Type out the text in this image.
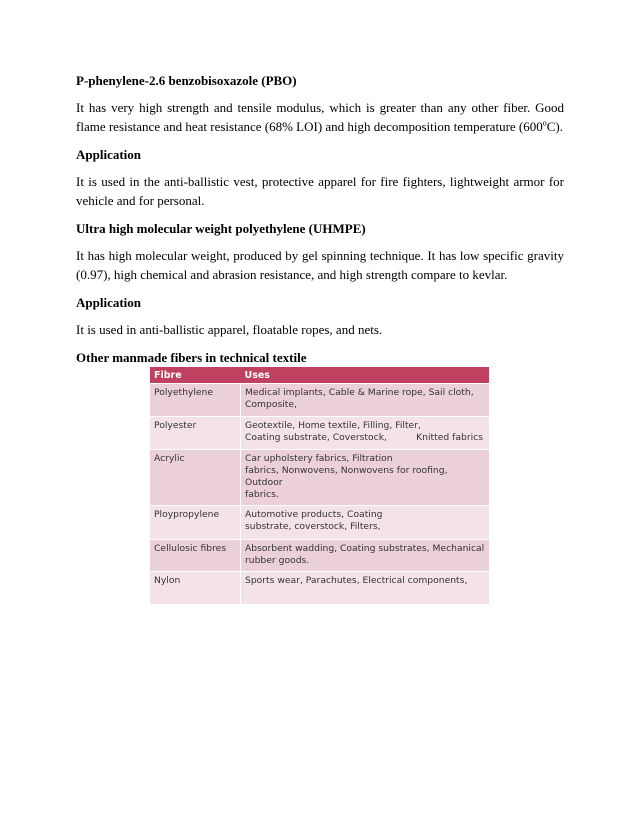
P-phenylene-2.6 benzobisoxazole (PBO)

It has very high strength and tensile modulus, which is greater than any other fiber. Good flame resistance and heat resistance (68% LOI) and high decomposition temperature (600$^o$C).

Application

It is used in the anti-ballistic vest, protective apparel for fire fighters, lightweight armor for vehicle and for personal.

Ultra high molecular weight polyethylene (UHMPE)

It has high molecular weight, produced by gel spinning technique. It has low specific gravity (0.97), high chemical and abrasion resistance, and high strength compare to kevlar.

Application

It is used in anti-ballistic apparel, floatable ropes, and nets.

Other manmade fibers in technical textile
Fibre	Uses
Polyethylene	Medical implants, Cable & Marine rope, Sail cloth,
Composite,

Polyester	Geotextile, Home textile, Filling, Filter,
Coating substrate, Coverstock,          Knitted fabrics

Acrylic	Car upholstery fabrics, Filtration
fabrics, Nonwovens, Nonwovens for roofing, Outdoor
fabrics.

Ploypropylene	Automotive products, Coating
substrate, coverstock, Filters,

Cellulosic fibres	Absorbent wadding, Coating substrates, Mechanical
rubber goods.

Nylon	Sports wear, Parachutes, Electrical components,
